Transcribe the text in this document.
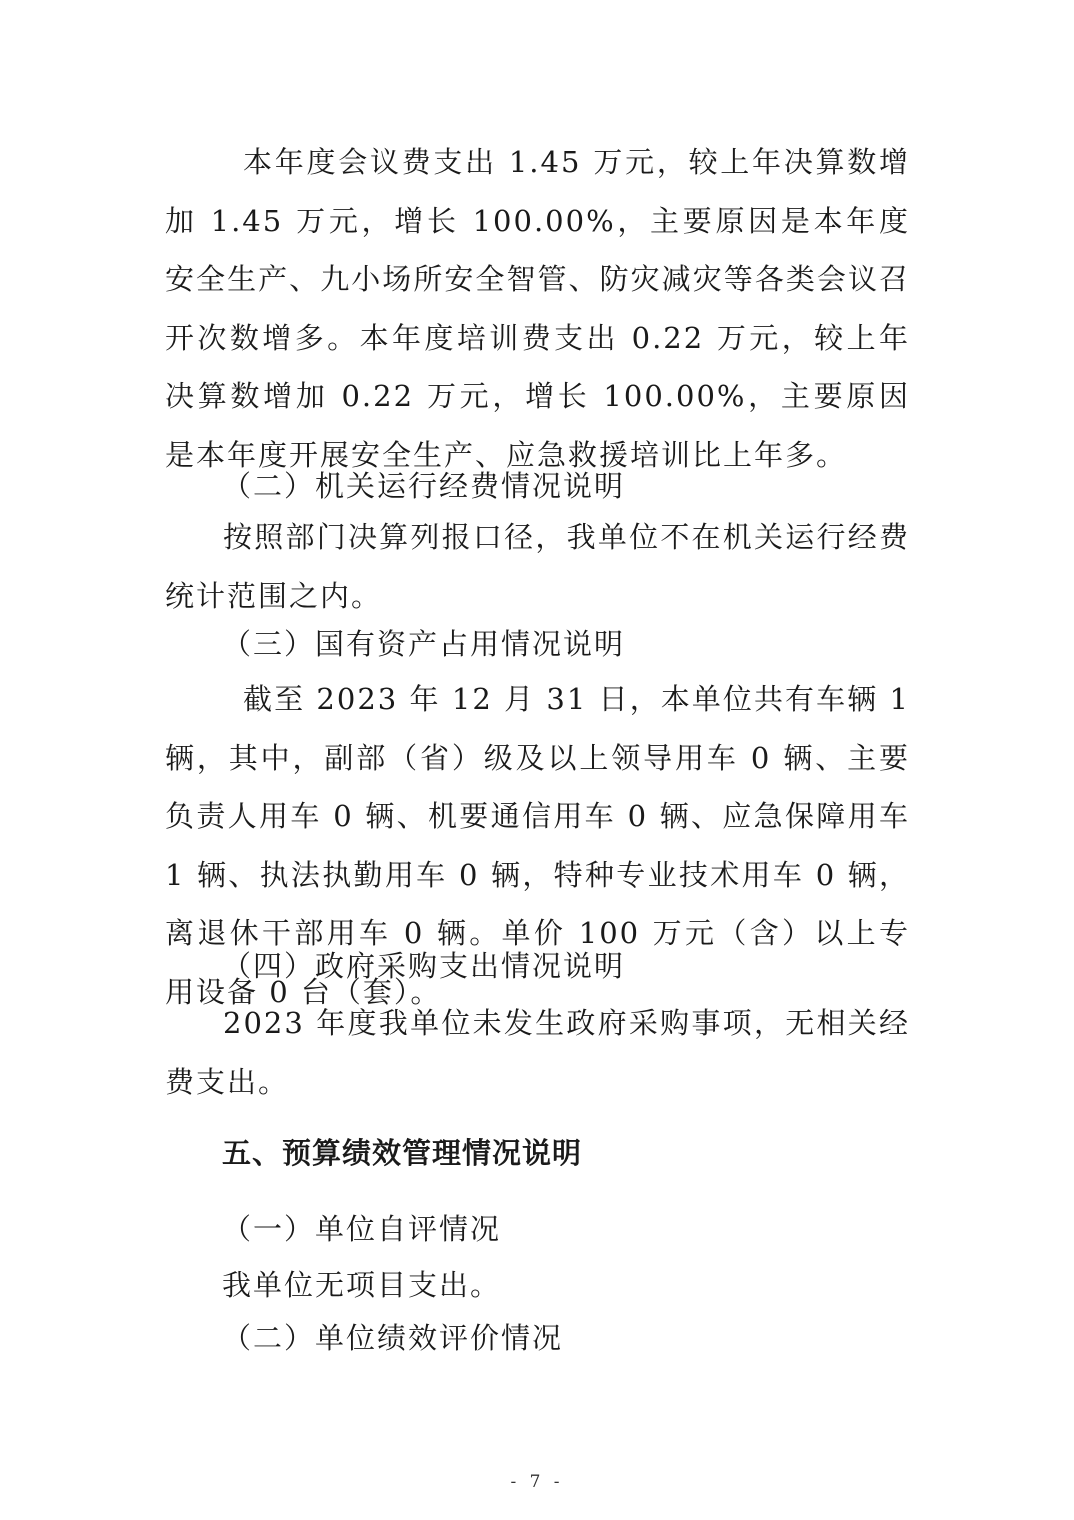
本年度会议费支出 1.45 万元，较上年决算数增加 1.45 万元，增长 100.00%，主要原因是本年度安全生产、九小场所安全智管、防灾减灾等各类会议召开次数增多。本年度培训费支出 0.22 万元，较上年决算数增加 0.22 万元，增长 100.00%，主要原因是本年度开展安全生产、应急救援培训比上年多。

（二）机关运行经费情况说明

按照部门决算列报口径，我单位不在机关运行经费统计范围之内。

（三）国有资产占用情况说明

截至 2023 年 12 月 31 日，本单位共有车辆 1 辆，其中，副部（省）级及以上领导用车 0 辆、主要负责人用车 0 辆、机要通信用车 0 辆、应急保障用车 1 辆、执法执勤用车 0 辆，特种专业技术用车 0 辆，离退休干部用车 0 辆。单价 100 万元（含）以上专用设备 0 台（套）。

（四）政府采购支出情况说明

2023 年度我单位未发生政府采购事项，无相关经费支出。

五、预算绩效管理情况说明

（一）单位自评情况

我单位无项目支出。

（二）单位绩效评价情况

- 7 -
